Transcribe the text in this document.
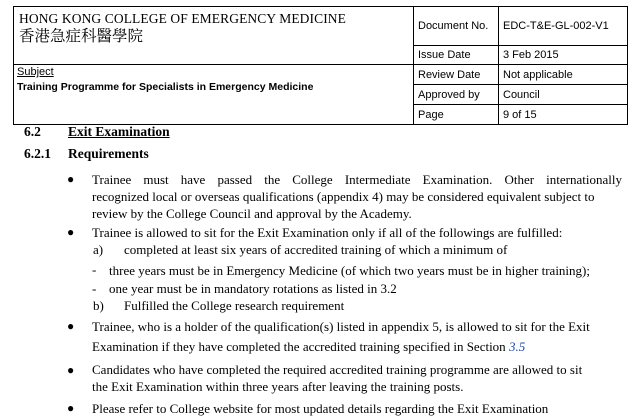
HONG KONG COLLEGE OF EMERGENCY MEDICINE
香港急症科醫學院	Document No.	EDC-T&E-GL-002-V1
	Issue Date	3 Feb 2015

Subject
Training Programme for Specialists in Emergency Medicine	Review Date	Not applicable
	Approved by	Council
	Page	9 of 15
6.2 Exit Examination
6.2.1 Requirements
● Trainee must have passed the College Intermediate Examination. Other internationally
recognized local or overseas qualifications (appendix 4) may be considered equivalent subject to
review by the College Council and approval by the Academy.
● Trainee is allowed to sit for the Exit Examination only if all of the followings are fulfilled:
a) completed at least six years of accredited training of which a minimum of
- three years must be in Emergency Medicine (of which two years must be in higher training);
- one year must be in mandatory rotations as listed in 3.2
b) Fulfilled the College research requirement
● Trainee, who is a holder of the qualification(s) listed in appendix 5, is allowed to sit for the Exit
Examination if they have completed the accredited training specified in Section 3.5
● Candidates who have completed the required accredited training programme are allowed to sit
the Exit Examination within three years after leaving the training posts.
● Please refer to College website for most updated details regarding the Exit Examination
